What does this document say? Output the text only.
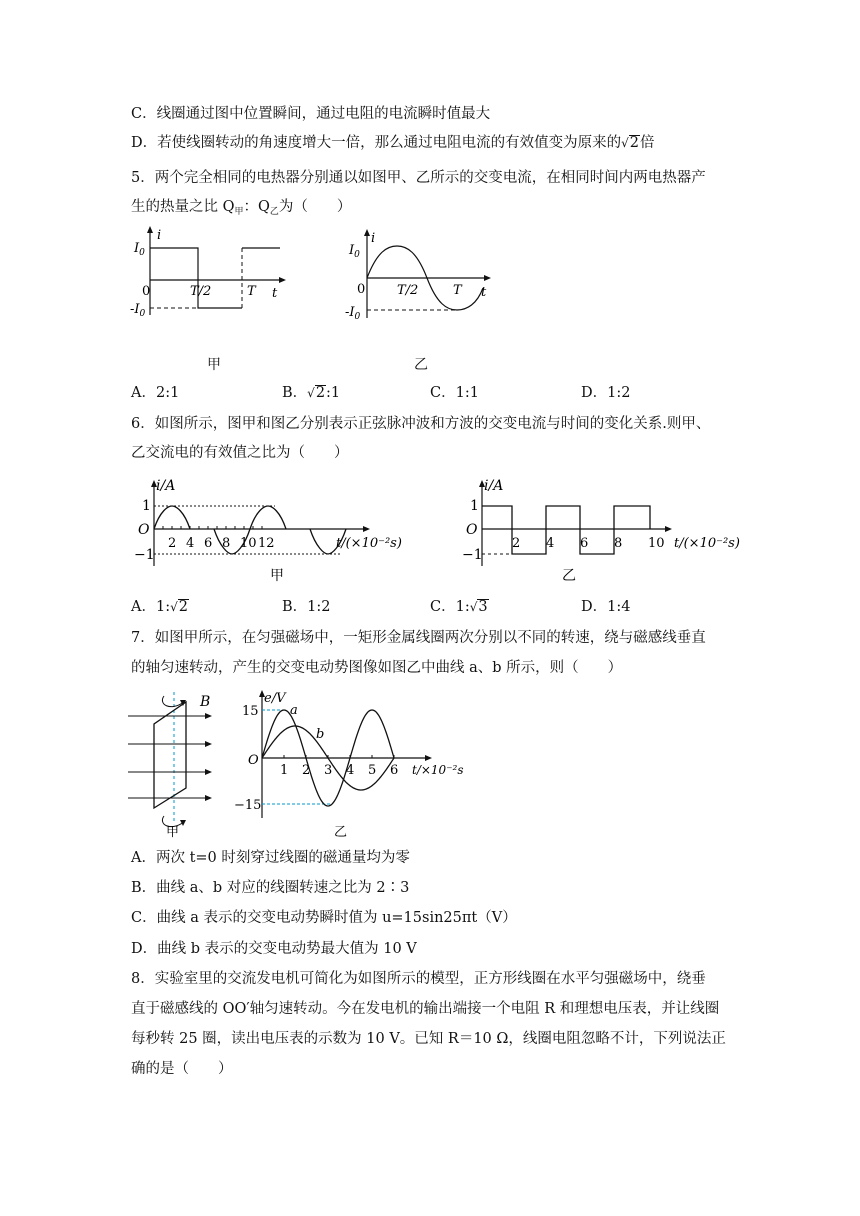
C．线圈通过图中位置瞬间，通过电阻的电流瞬时值最大
D．若使线圈转动的角速度增大一倍，那么通过电阻电流的有效值变为原来的√2倍
5．两个完全相同的电热器分别通以如图甲、乙所示的交变电流，在相同时间内两电热器产
生的热量之比 $Q_甲$：$Q_乙$为（　　）
i
$I_0$
0
$-I_0$
T/2	T t
i
$I_0$
0
$-I_0$
T/2	T t
甲	乙
A．2:1	B．√2:1	C．1:1	D．1:2
6．如图所示，图甲和图乙分别表示正弦脉冲波和方波的交变电流与时间的变化关系.则甲、
乙交流电的有效值之比为（　　）
i/A
1
O
−1
2 4 6 8 10 12	t/(×10⁻²s)
甲
i/A
1
O
−1
2 4 6 8 10 t/(×10⁻²s)
乙
A．1:√2	B．1:2	C．1:√3	D．1:4
7．如图甲所示，在匀强磁场中，一矩形金属线圈两次分别以不同的转速，绕与磁感线垂直
的轴匀速转动，产生的交变电动势图像如图乙中曲线 a、b 所示，则（　　）
B
甲
e/V
15
−15
O
a
b
1 2 3 4 5 6 t/×10⁻²s
乙
A．两次 t=0 时刻穿过线圈的磁通量均为零
B．曲线 a、b 对应的线圈转速之比为 2∶3
C．曲线 a 表示的交变电动势瞬时值为 u=15sin25πt（V）
D．曲线 b 表示的交变电动势最大值为 10 V
8．实验室里的交流发电机可简化为如图所示的模型，正方形线圈在水平匀强磁场中，绕垂
直于磁感线的 OO′轴匀速转动。今在发电机的输出端接一个电阻 R 和理想电压表，并让线圈
每秒转 25 圈，读出电压表的示数为 10 V。已知 R＝10 Ω，线圈电阻忽略不计，下列说法正
确的是（　　）
